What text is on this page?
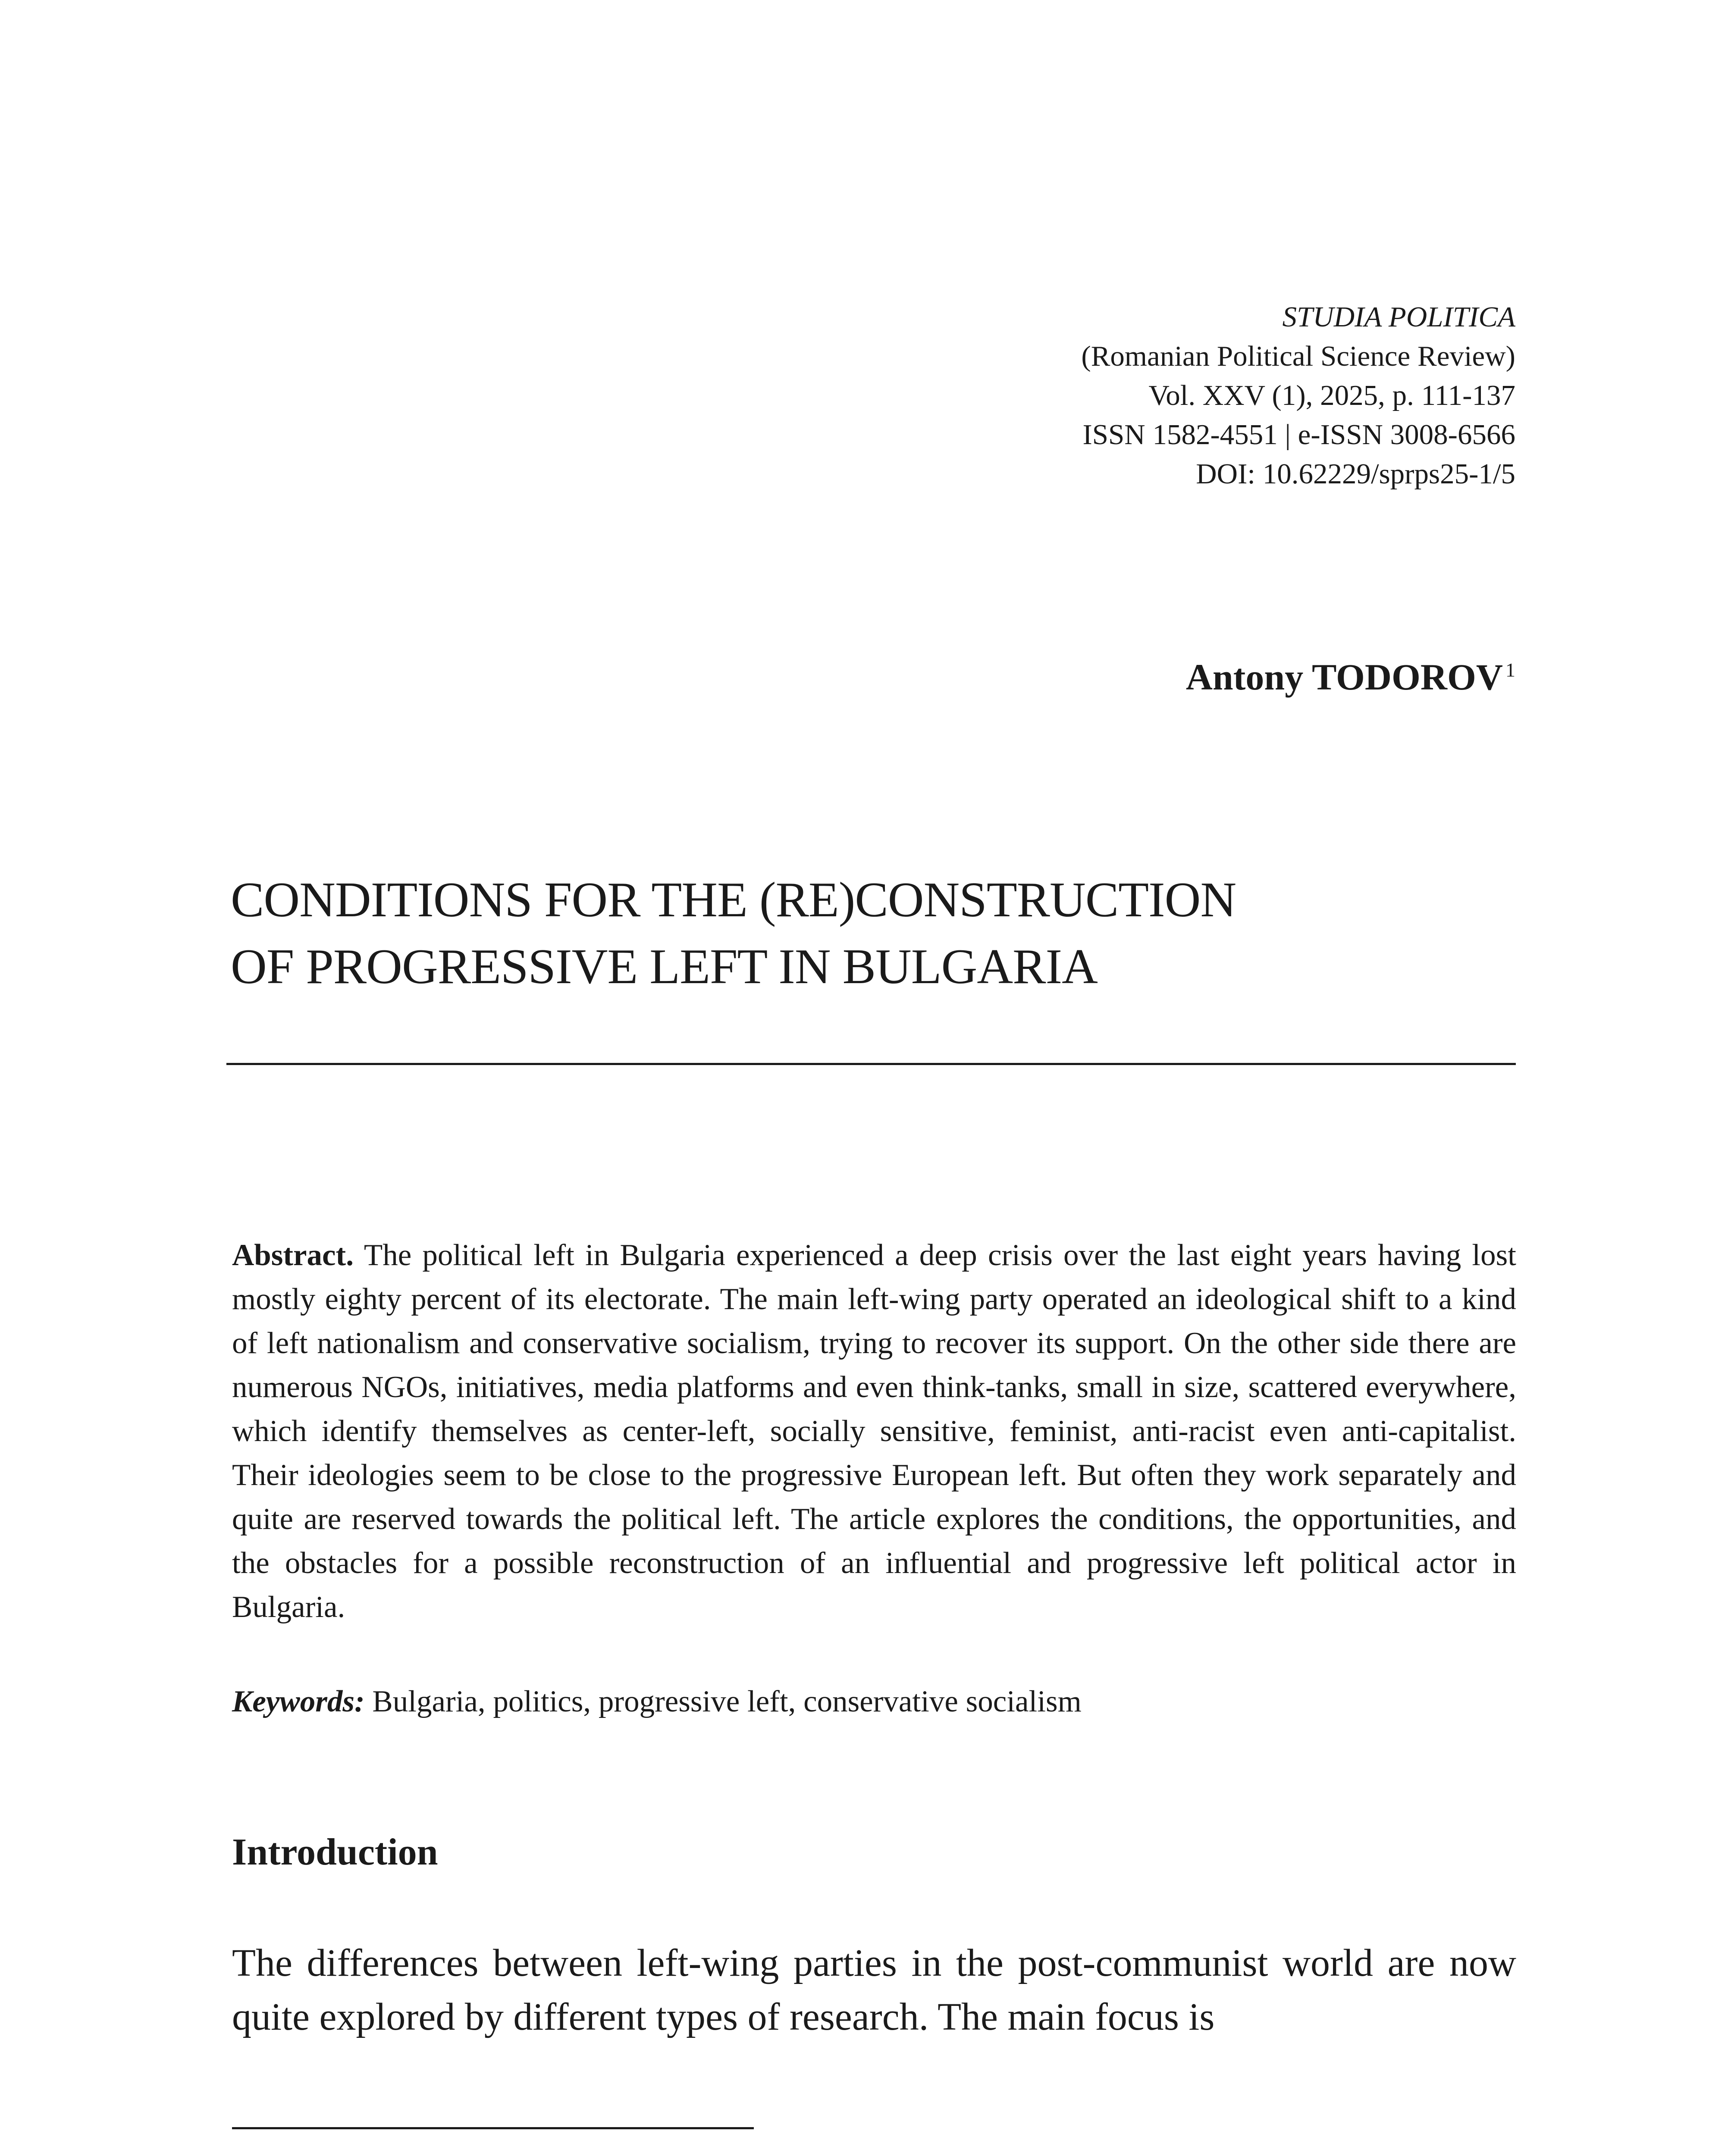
STUDIA POLITICA
(Romanian Political Science Review)
Vol. XXV (1), 2025, p. 111-137
ISSN 1582-4551 | e-ISSN 3008-6566
DOI: 10.62229/sprps25-1/5
Antony TODOROV $^1$
CONDITIONS FOR THE (RE)CONSTRUCTION
OF PROGRESSIVE LEFT IN BULGARIA
Abstract. The political left in Bulgaria experienced a deep crisis over the last eight years having lost mostly eighty percent of its electorate. The main left-wing party operated an ideological shift to a kind of left nationalism and conservative socialism, trying to recover its support. On the other side there are numerous NGOs, initiatives, media platforms and even think-tanks, small in size, scattered everywhere, which identify themselves as center-left, socially sensitive, feminist, anti-racist even anti-capitalist. Their ideologies seem to be close to the progressive European left. But often they work separately and quite are reserved towards the political left. The article explores the conditions, the opportunities, and the obstacles for a possible reconstruction of an influential and progressive left political actor in Bulgaria.
Keywords: Bulgaria, politics, progressive left, conservative socialism
Introduction
The differences between left-wing parties in the post-communist world are now quite explored by different types of research. The main focus is
